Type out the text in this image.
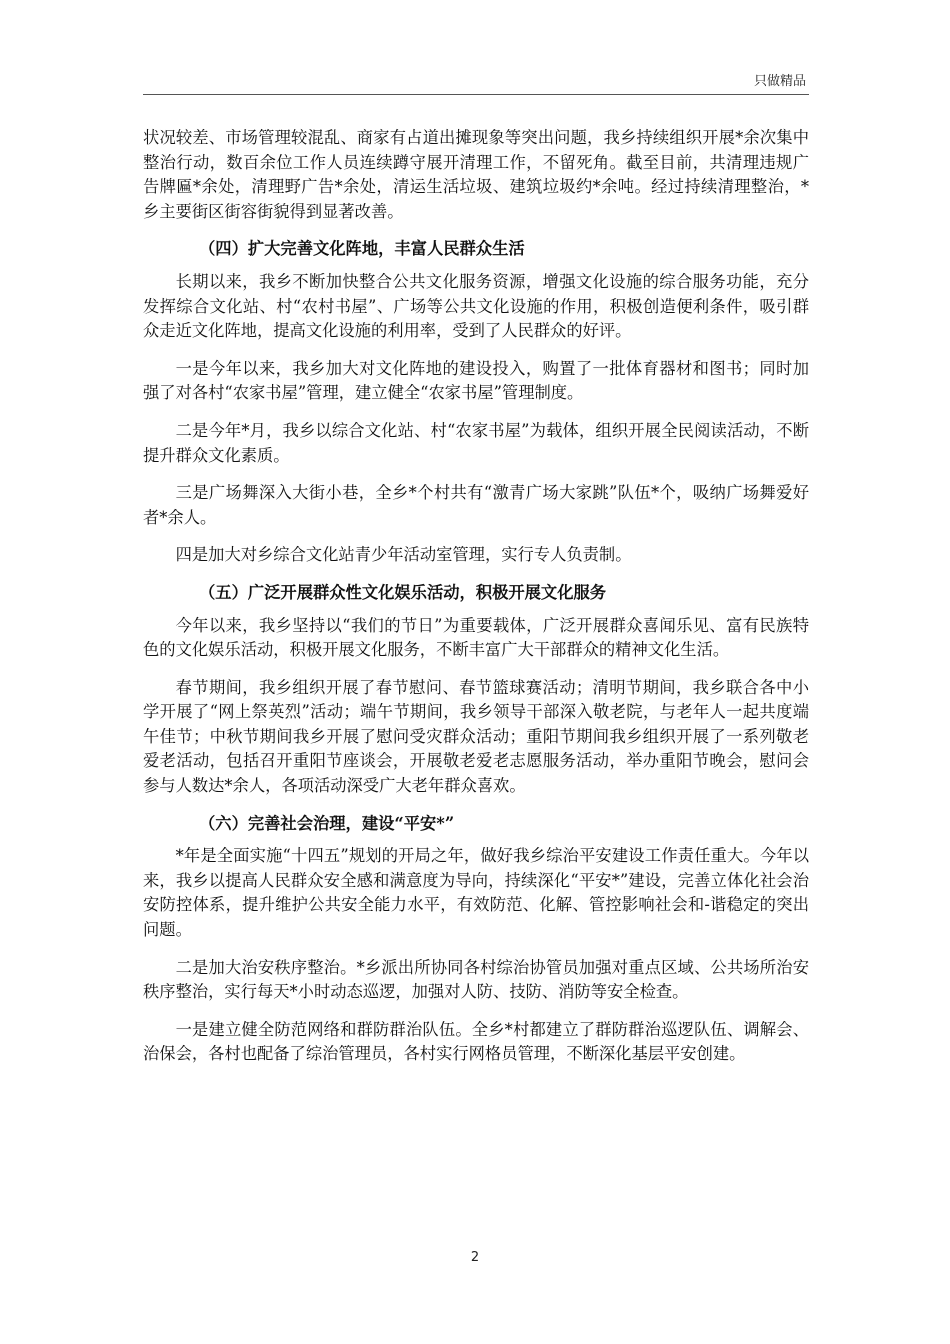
只做精品

状况较差、市场管理较混乱、商家有占道出摊现象等突出问题，我乡持续组织开展*余次集中整治行动，数百余位工作人员连续蹲守展开清理工作，不留死角。截至目前，共清理违规广告牌匾*余处，清理野广告*余处，清运生活垃圾、建筑垃圾约*余吨。经过持续清理整治，*乡主要街区街容街貌得到显著改善。

（四）扩大完善文化阵地，丰富人民群众生活

长期以来，我乡不断加快整合公共文化服务资源，增强文化设施的综合服务功能，充分发挥综合文化站、村“农村书屋”、广场等公共文化设施的作用，积极创造便利条件，吸引群众走近文化阵地，提高文化设施的利用率，受到了人民群众的好评。

一是今年以来，我乡加大对文化阵地的建设投入，购置了一批体育器材和图书；同时加强了对各村“农家书屋”管理，建立健全“农家书屋”管理制度。

二是今年*月，我乡以综合文化站、村“农家书屋”为载体，组织开展全民阅读活动，不断提升群众文化素质。

三是广场舞深入大街小巷，全乡*个村共有“激青广场大家跳”队伍*个，吸纳广场舞爱好者*余人。

四是加大对乡综合文化站青少年活动室管理，实行专人负责制。

（五）广泛开展群众性文化娱乐活动，积极开展文化服务

今年以来，我乡坚持以“我们的节日”为重要载体，广泛开展群众喜闻乐见、富有民族特色的文化娱乐活动，积极开展文化服务，不断丰富广大干部群众的精神文化生活。

春节期间，我乡组织开展了春节慰问、春节篮球赛活动；清明节期间，我乡联合各中小学开展了“网上祭英烈”活动；端午节期间，我乡领导干部深入敬老院，与老年人一起共度端午佳节；中秋节期间我乡开展了慰问受灾群众活动；重阳节期间我乡组织开展了一系列敬老爱老活动，包括召开重阳节座谈会，开展敬老爱老志愿服务活动，举办重阳节晚会，慰问会参与人数达*余人，各项活动深受广大老年群众喜欢。

（六）完善社会治理，建设“平安*”

*年是全面实施“十四五”规划的开局之年，做好我乡综治平安建设工作责任重大。今年以来，我乡以提高人民群众安全感和满意度为导向，持续深化“平安*”建设，完善立体化社会治安防控体系，提升维护公共安全能力水平，有效防范、化解、管控影响社会和-谐稳定的突出问题。

二是加大治安秩序整治。*乡派出所协同各村综治协管员加强对重点区域、公共场所治安秩序整治，实行每天*小时动态巡逻，加强对人防、技防、消防等安全检查。

一是建立健全防范网络和群防群治队伍。全乡*村都建立了群防群治巡逻队伍、调解会、治保会，各村也配备了综治管理员，各村实行网格员管理，不断深化基层平安创建。

2
